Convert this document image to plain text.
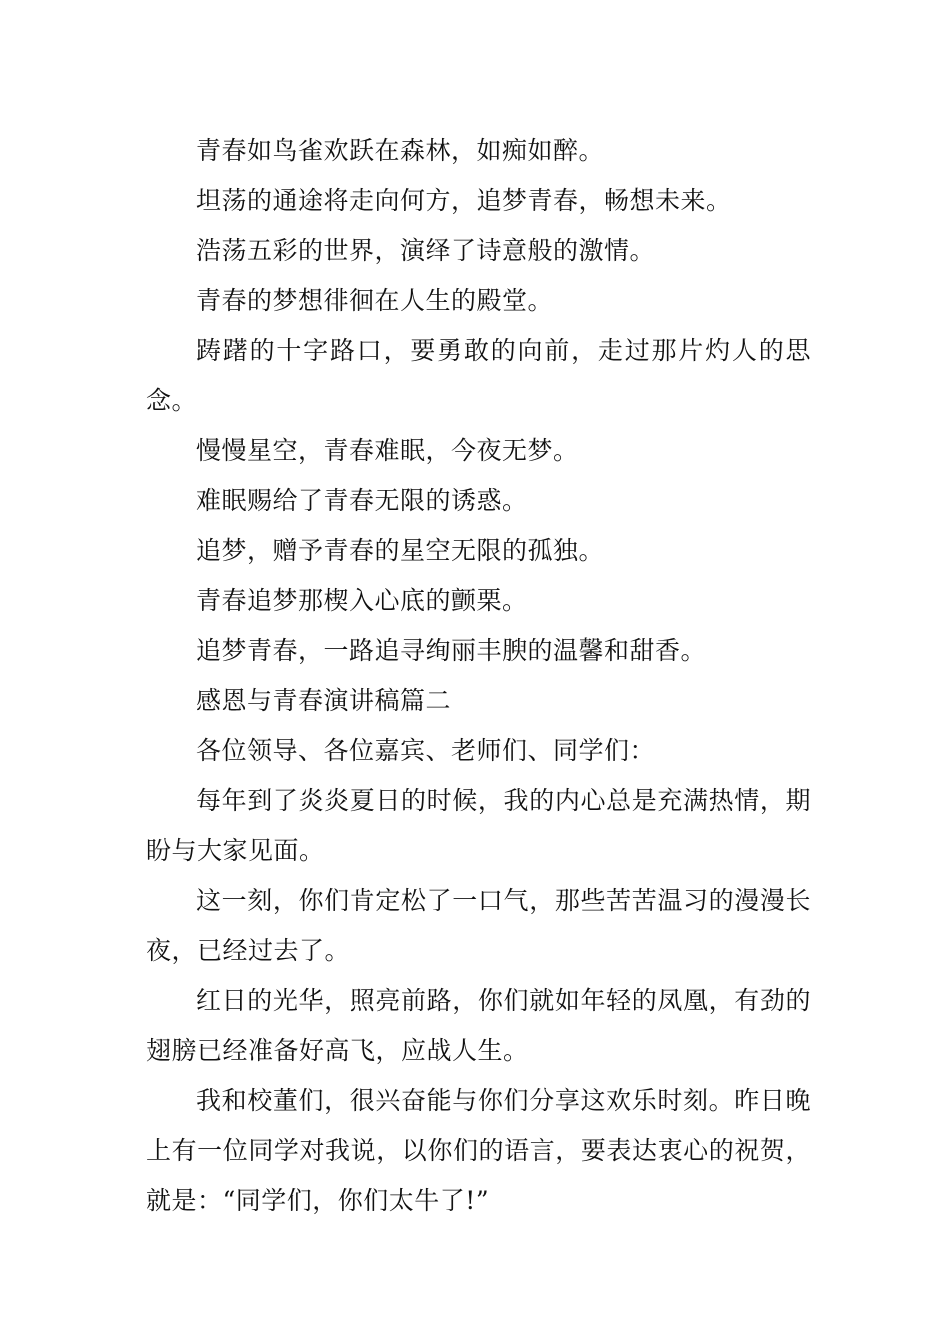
青春如鸟雀欢跃在森林，如痴如醉。

坦荡的通途将走向何方，追梦青春，畅想未来。

浩荡五彩的世界，演绎了诗意般的激情。

青春的梦想徘徊在人生的殿堂。

踌躇的十字路口，要勇敢的向前，走过那片灼人的思念。

慢慢星空，青春难眠，今夜无梦。

难眠赐给了青春无限的诱惑。

追梦，赠予青春的星空无限的孤独。

青春追梦那楔入心底的颤栗。

追梦青春，一路追寻绚丽丰腴的温馨和甜香。

感恩与青春演讲稿篇二

各位领导、各位嘉宾、老师们、同学们：

每年到了炎炎夏日的时候，我的内心总是充满热情，期盼与大家见面。

这一刻，你们肯定松了一口气，那些苦苦温习的漫漫长夜，已经过去了。

红日的光华，照亮前路，你们就如年轻的凤凰，有劲的翅膀已经准备好高飞，应战人生。

我和校董们，很兴奋能与你们分享这欢乐时刻。昨日晚上有一位同学对我说，以你们的语言，要表达衷心的祝贺，就是：“同学们，你们太牛了!”
